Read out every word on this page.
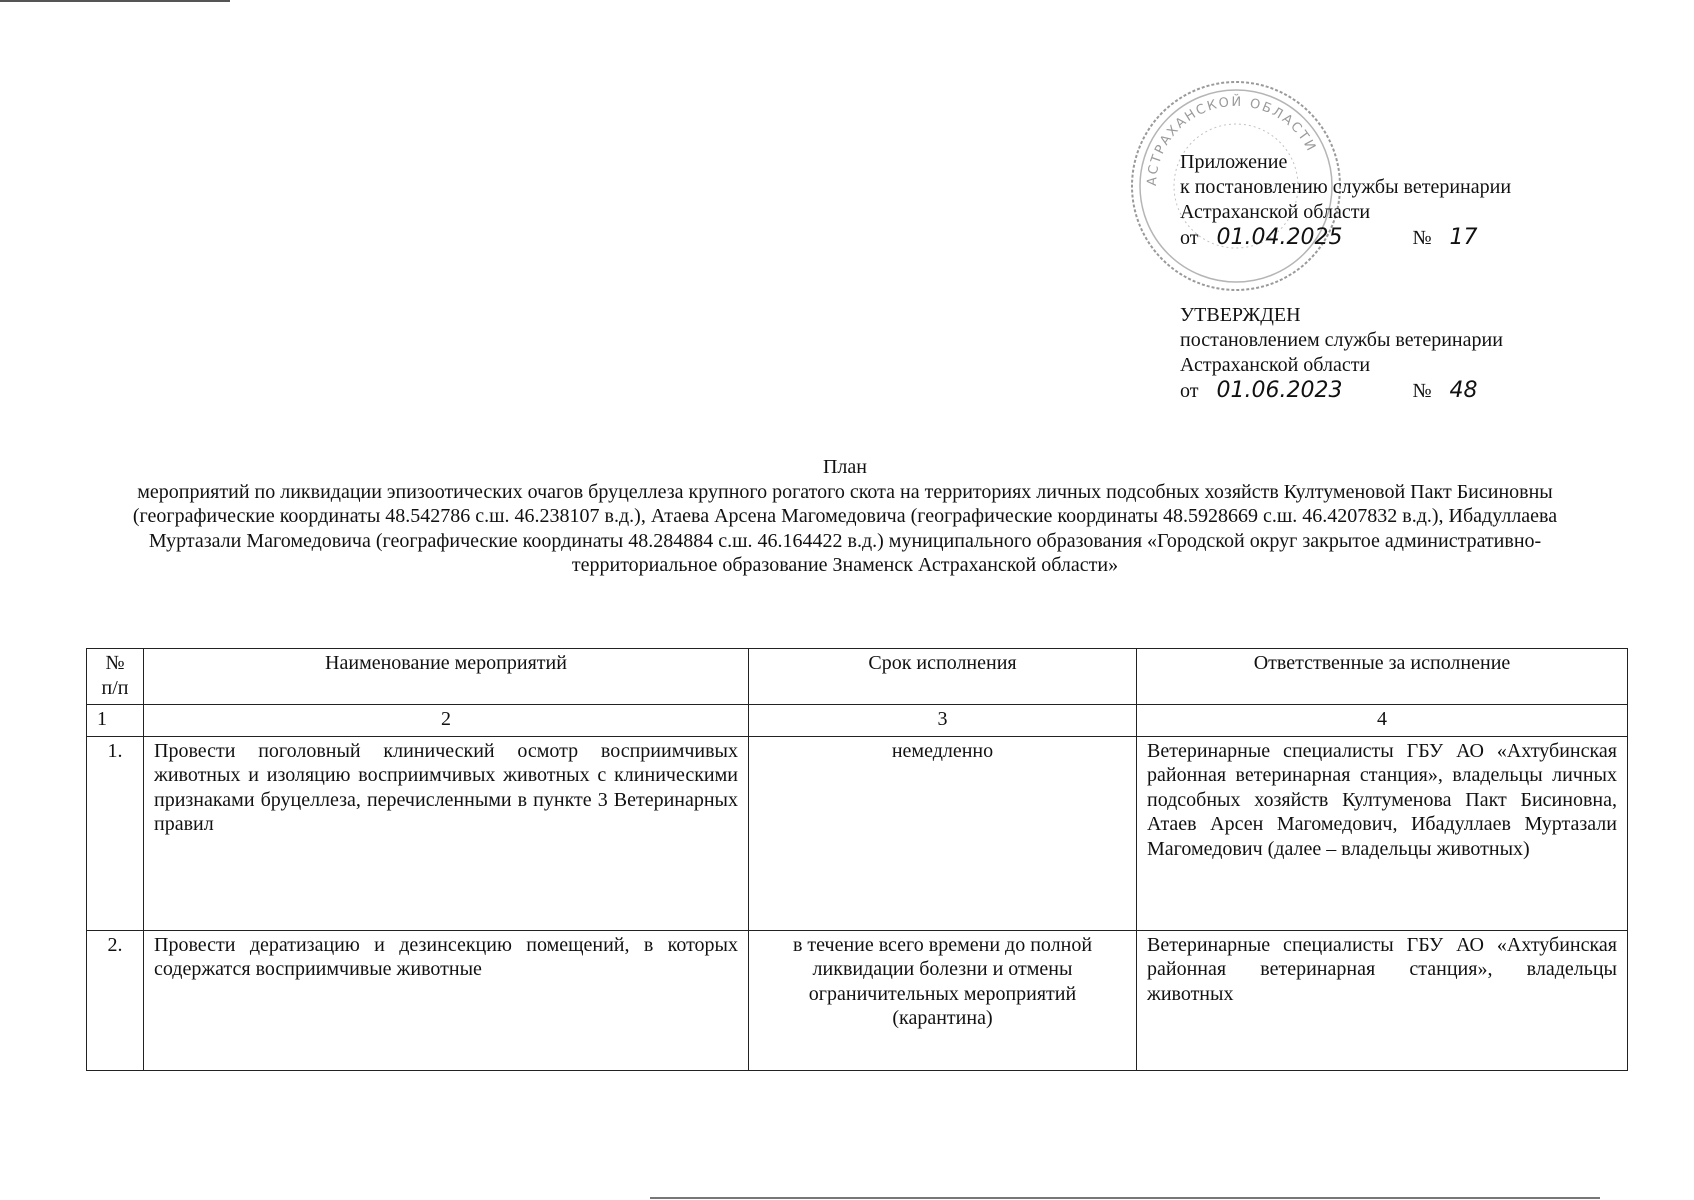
АСТРАХАНСКОЙ ОБЛАСТИ
Приложение
к постановлению службы ветеринарии
Астраханской области
от 01.04.2025	№ 17
УТВЕРЖДЕН
постановлением службы ветеринарии
Астраханской области
от 01.06.2023	№ 48
План
мероприятий по ликвидации эпизоотических очагов бруцеллеза крупного рогатого скота на территориях личных подсобных хозяйств Култуменовой Пакт Бисиновны (географические координаты 48.542786 с.ш. 46.238107 в.д.), Атаева Арсена Магомедовича (географические координаты 48.5928669 с.ш. 46.4207832 в.д.), Ибадуллаева Муртазали Магомедовича (географические координаты 48.284884 с.ш. 46.164422 в.д.) муниципального образования «Городской округ закрытое административно-территориальное образование Знаменск Астраханской области»
№ п/п	Наименование мероприятий	Срок исполнения	Ответственные за исполнение
1	2	3	4
1.	Провести поголовный клинический осмотр восприимчивых животных и изоляцию восприимчивых животных с клиническими признаками бруцеллеза, перечисленными в пункте 3 Ветеринарных правил	немедленно	Ветеринарные специалисты ГБУ АО «Ахтубинская районная ветеринарная станция», владельцы личных подсобных хозяйств Култуменова Пакт Бисиновна, Атаев Арсен Магомедович, Ибадуллаев Муртазали Магомедович (далее – владельцы животных)
2.	Провести дератизацию и дезинсекцию помещений, в которых содержатся восприимчивые животные	в течение всего времени до полной ликвидации болезни и отмены ограничительных мероприятий (карантина)	Ветеринарные специалисты ГБУ АО «Ахтубинская районная ветеринарная станция», владельцы животных
